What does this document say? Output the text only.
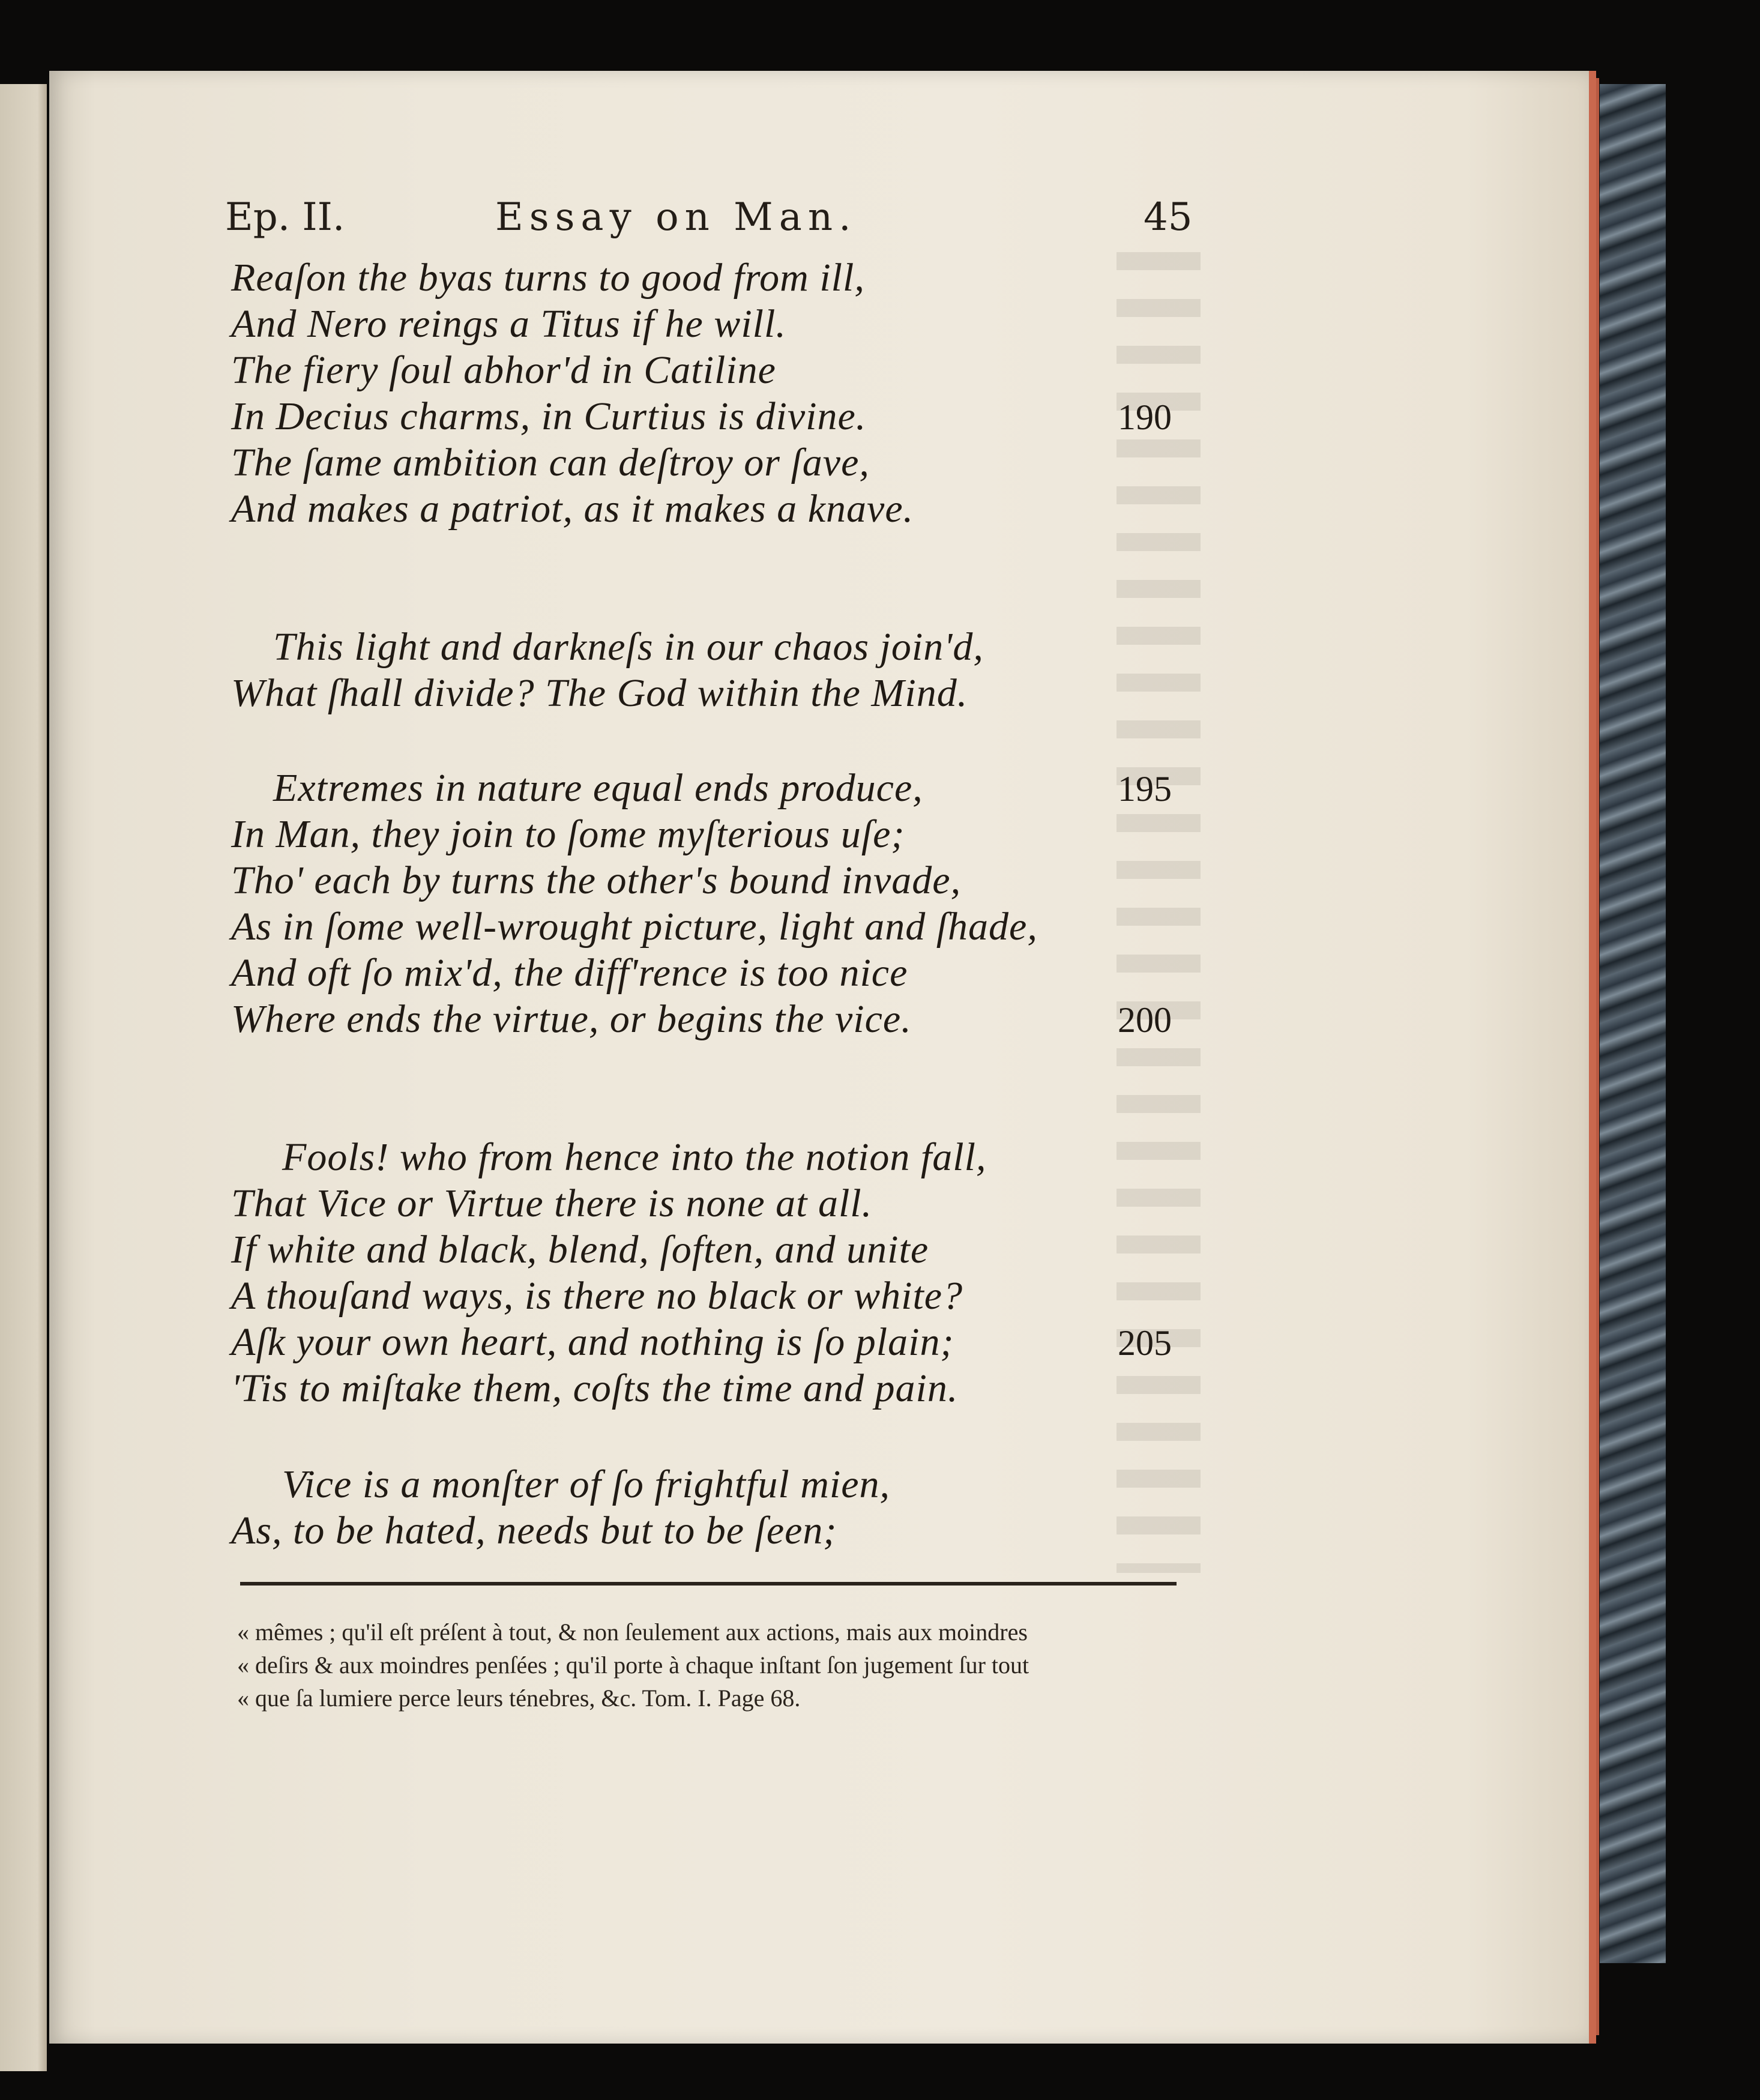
Ep. II.	Essay on Man.	45
Reaſon the byas turns to good from ill,
And Nero reings a Titus if he will.
The fiery ſoul abhor'd in Catiline
In Decius charms, in Curtius is divine.
The ſame ambition can deſtroy or ſave,
And makes a patriot, as it makes a knave.
This light and darkneſs in our chaos join'd,
What ſhall divide? The God within the Mind.
Extremes in nature equal ends produce,
In Man, they join to ſome myſterious uſe;
Tho' each by turns the other's bound invade,
As in ſome well-wrought picture, light and ſhade,
And oft ſo mix'd, the diff'rence is too nice
Where ends the virtue, or begins the vice.
Fools! who from hence into the notion fall,
That Vice or Virtue there is none at all.
If white and black, blend, ſoften, and unite
A thouſand ways, is there no black or white?
Aſk your own heart, and nothing is ſo plain;
'Tis to miſtake them, coſts the time and pain.
Vice is a monſter of ſo frightful mien,
As, to be hated, needs but to be ſeen;
190
195
200
205
« mêmes ; qu'il eſt préſent à tout, & non ſeulement aux actions, mais aux moindres
« deſirs & aux moindres penſées ; qu'il porte à chaque inſtant ſon jugement ſur tout
« que ſa lumiere perce leurs ténebres, &c. Tom. I. Page 68.
